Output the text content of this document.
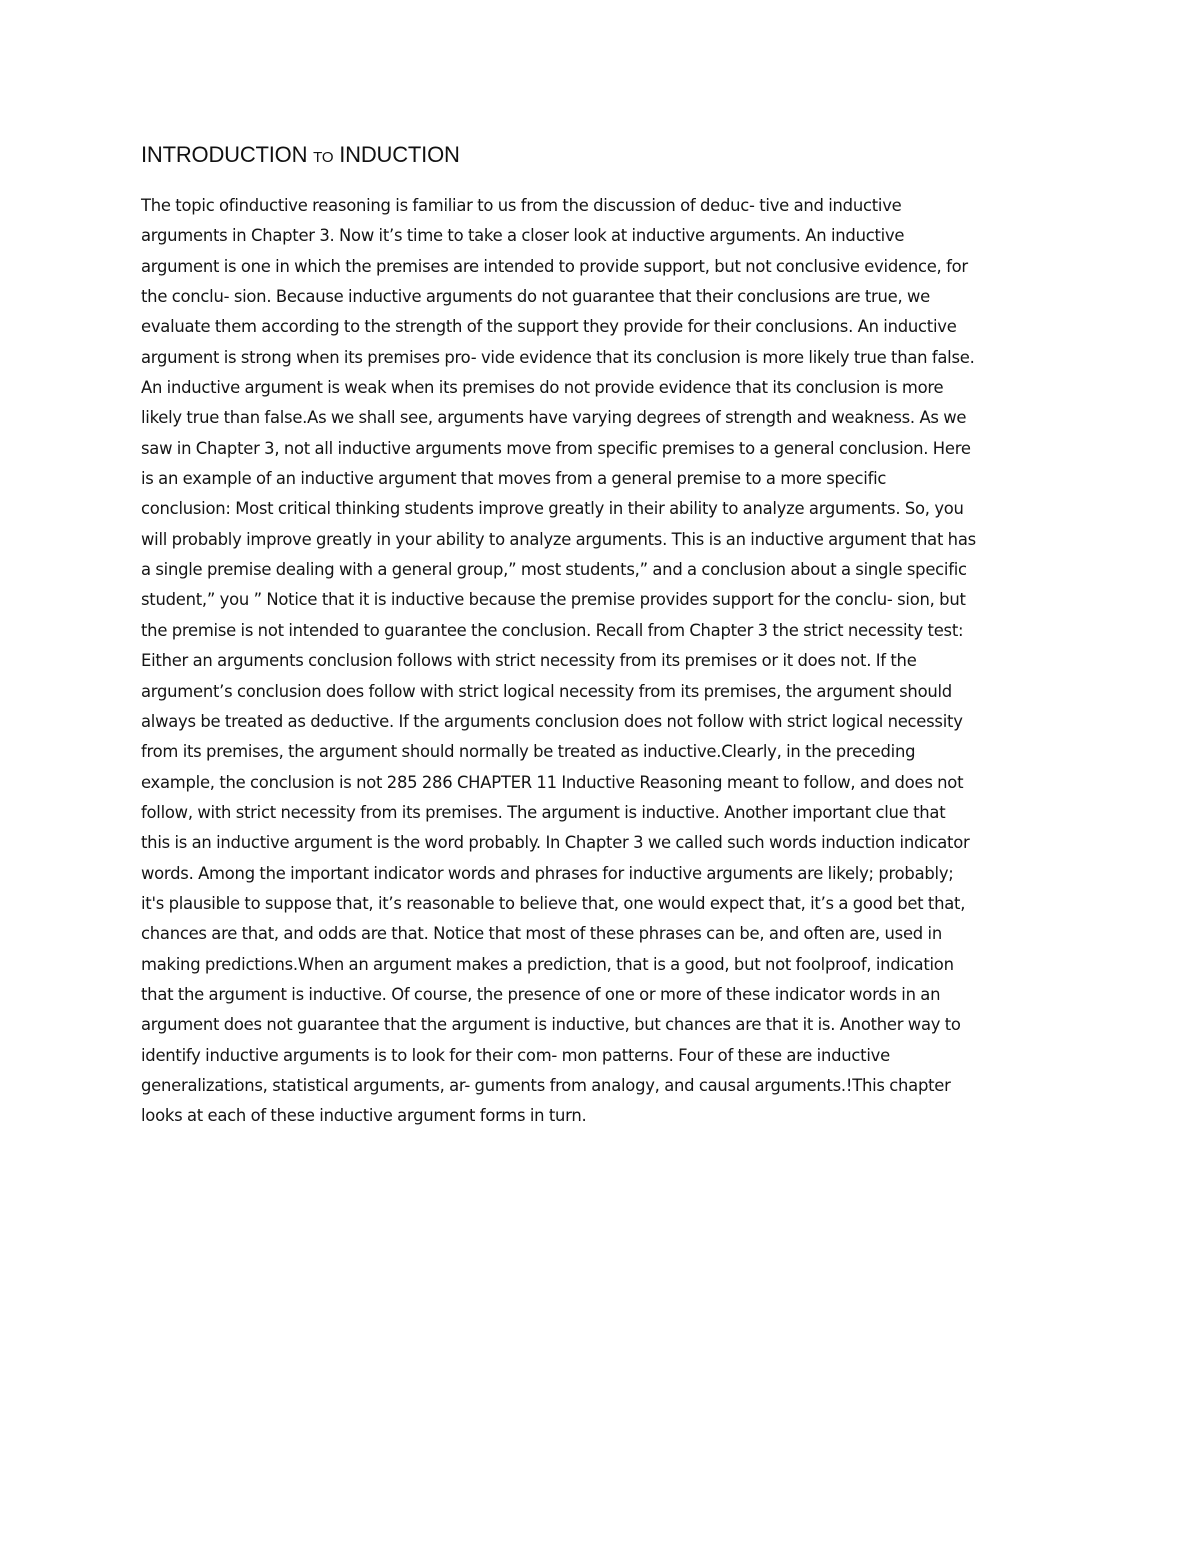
INTRODUCTION TO INDUCTION
The topic ofinductive reasoning is familiar to us from the discussion of deduc- tive and inductive
arguments in Chapter 3. Now it’s time to take a closer look at inductive arguments. An inductive
argument is one in which the premises are intended to provide support, but not conclusive evidence, for
the conclu- sion. Because inductive arguments do not guarantee that their conclusions are true, we
evaluate them according to the strength of the support they provide for their conclusions. An inductive
argument is strong when its premises pro- vide evidence that its conclusion is more likely true than false.
An inductive argument is weak when its premises do not provide evidence that its conclusion is more
likely true than false.As we shall see, arguments have varying degrees of strength and weakness. As we
saw in Chapter 3, not all inductive arguments move from specific premises to a general conclusion. Here
is an example of an inductive argument that moves from a general premise to a more specific
conclusion: Most critical thinking students improve greatly in their ability to analyze arguments. So, you
will probably improve greatly in your ability to analyze arguments. This is an inductive argument that has
a single premise dealing with a general group,” most students,” and a conclusion about a single specific
student,” you ” Notice that it is inductive because the premise provides support for the conclu- sion, but
the premise is not intended to guarantee the conclusion. Recall from Chapter 3 the strict necessity test:
Either an arguments conclusion follows with strict necessity from its premises or it does not. If the
argument’s conclusion does follow with strict logical necessity from its premises, the argument should
always be treated as deductive. If the arguments conclusion does not follow with strict logical necessity
from its premises, the argument should normally be treated as inductive.Clearly, in the preceding
example, the conclusion is not 285 286 CHAPTER 11 Inductive Reasoning meant to follow, and does not
follow, with strict necessity from its premises. The argument is inductive. Another important clue that
this is an inductive argument is the word probably. In Chapter 3 we called such words induction indicator
words. Among the important indicator words and phrases for inductive arguments are likely; probably;
it's plausible to suppose that, it’s reasonable to believe that, one would expect that, it’s a good bet that,
chances are that, and odds are that. Notice that most of these phrases can be, and often are, used in
making predictions.When an argument makes a prediction, that is a good, but not foolproof, indication
that the argument is inductive. Of course, the presence of one or more of these indicator words in an
argument does not guarantee that the argument is inductive, but chances are that it is. Another way to
identify inductive arguments is to look for their com- mon patterns. Four of these are inductive
generalizations, statistical arguments, ar- guments from analogy, and causal arguments.!This chapter
looks at each of these inductive argument forms in turn.
